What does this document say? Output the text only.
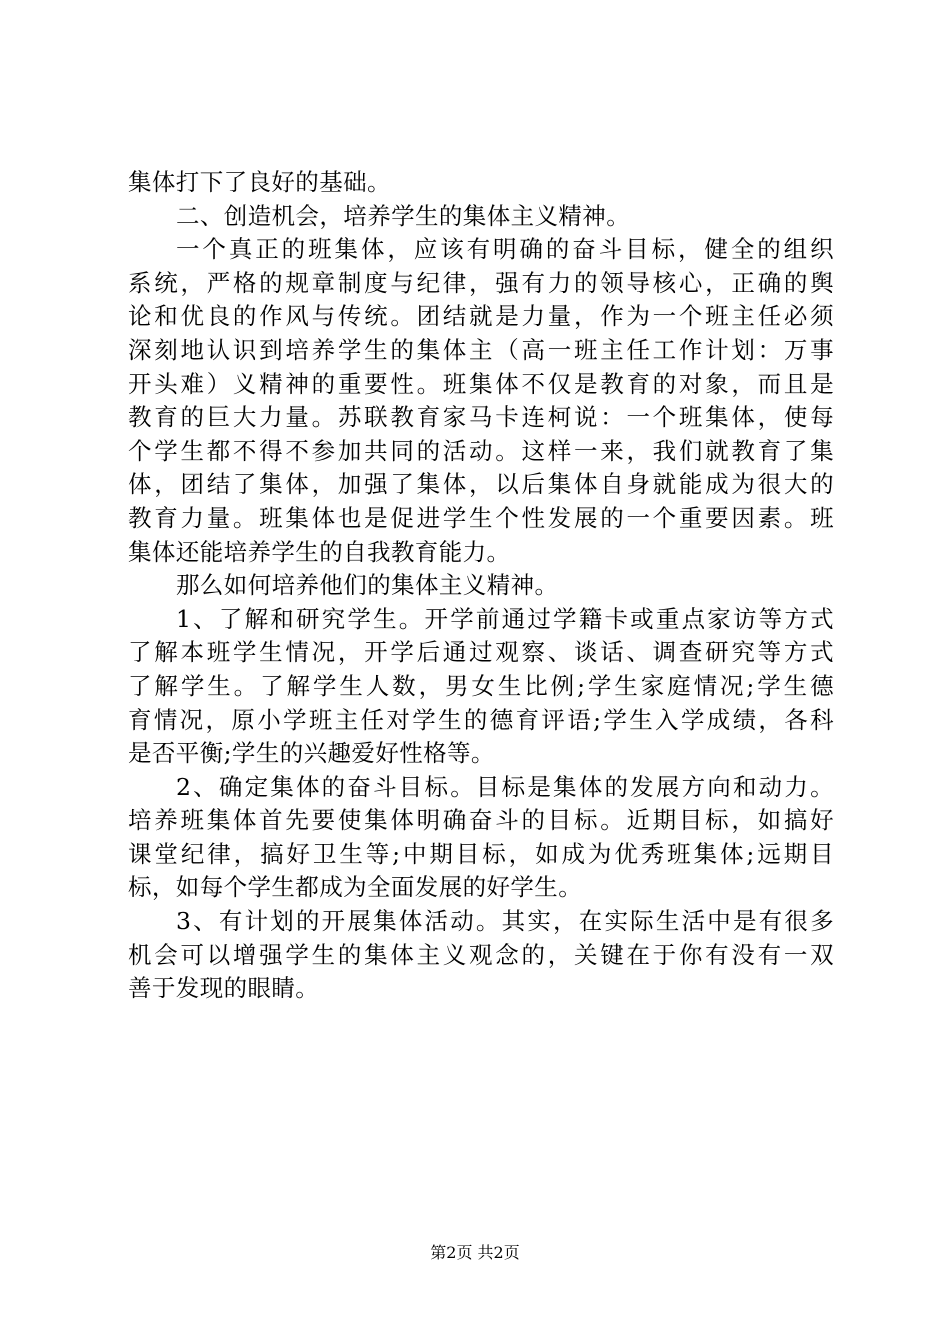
集体打下了良好的基础。
二、创造机会，培养学生的集体主义精神。
一个真正的班集体，应该有明确的奋斗目标，健全的组织
系统，严格的规章制度与纪律，强有力的领导核心，正确的舆
论和优良的作风与传统。团结就是力量，作为一个班主任必须
深刻地认识到培养学生的集体主（高一班主任工作计划：万事
开头难）义精神的重要性。班集体不仅是教育的对象，而且是
教育的巨大力量。苏联教育家马卡连柯说：一个班集体，使每
个学生都不得不参加共同的活动。这样一来，我们就教育了集
体，团结了集体，加强了集体，以后集体自身就能成为很大的
教育力量。班集体也是促进学生个性发展的一个重要因素。班
集体还能培养学生的自我教育能力。
那么如何培养他们的集体主义精神。
1、了解和研究学生。开学前通过学籍卡或重点家访等方式
了解本班学生情况，开学后通过观察、谈话、调查研究等方式
了解学生。了解学生人数，男女生比例;学生家庭情况;学生德
育情况，原小学班主任对学生的德育评语;学生入学成绩，各科
是否平衡;学生的兴趣爱好性格等。
2、确定集体的奋斗目标。目标是集体的发展方向和动力。
培养班集体首先要使集体明确奋斗的目标。近期目标，如搞好
课堂纪律，搞好卫生等;中期目标，如成为优秀班集体;远期目
标，如每个学生都成为全面发展的好学生。
3、有计划的开展集体活动。其实，在实际生活中是有很多
机会可以增强学生的集体主义观念的，关键在于你有没有一双
善于发现的眼睛。
第2页 共2页
